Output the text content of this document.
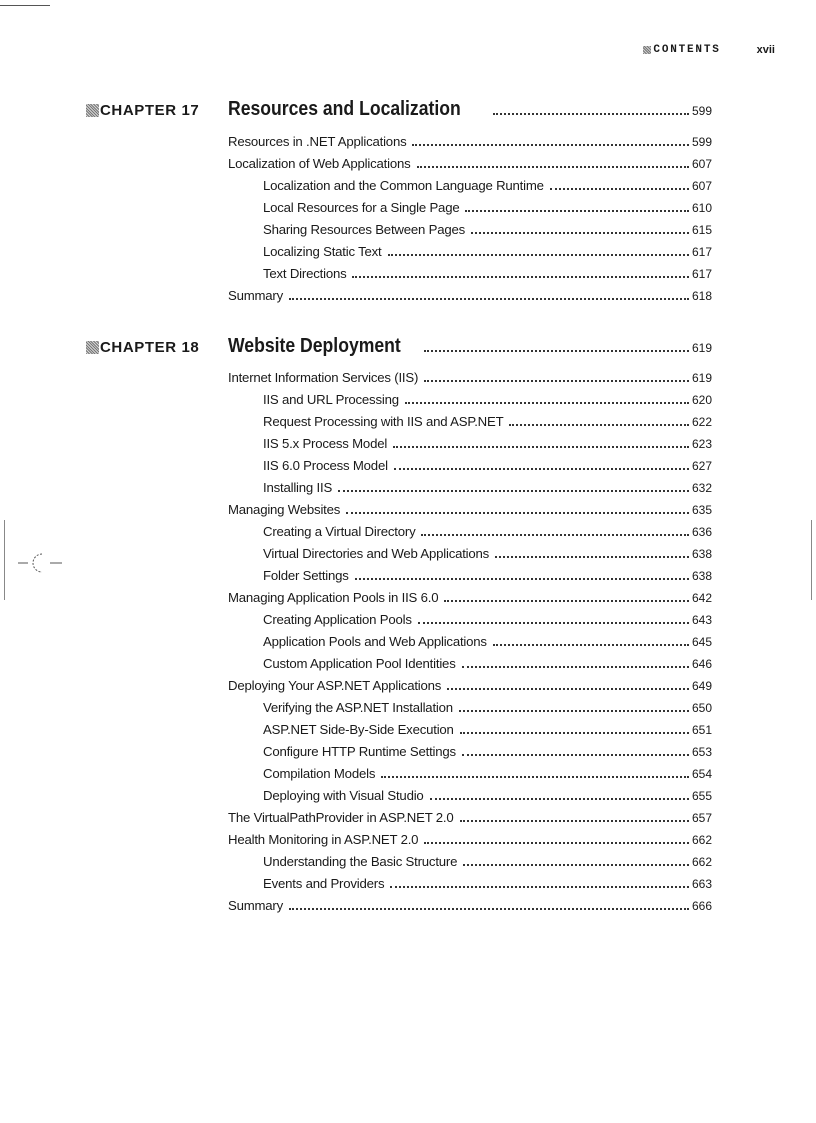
CONTENTS	xvii
CHAPTER 17 Resources and Localization	599
Resources in .NET Applications	599
Localization of Web Applications	607
Localization and the Common Language Runtime	607
Local Resources for a Single Page	610
Sharing Resources Between Pages	615
Localizing Static Text	617
Text Directions	617
Summary	618
CHAPTER 18 Website Deployment	619
Internet Information Services (IIS)	619
IIS and URL Processing	620
Request Processing with IIS and ASP.NET	622
IIS 5.x Process Model	623
IIS 6.0 Process Model	627
Installing IIS	632
Managing Websites	635
Creating a Virtual Directory	636
Virtual Directories and Web Applications	638
Folder Settings	638
Managing Application Pools in IIS 6.0	642
Creating Application Pools	643
Application Pools and Web Applications	645
Custom Application Pool Identities	646
Deploying Your ASP.NET Applications	649
Verifying the ASP.NET Installation	650
ASP.NET Side-By-Side Execution	651
Configure HTTP Runtime Settings	653
Compilation Models	654
Deploying with Visual Studio	655
The VirtualPathProvider in ASP.NET 2.0	657
Health Monitoring in ASP.NET 2.0	662
Understanding the Basic Structure	662
Events and Providers	663
Summary	666
